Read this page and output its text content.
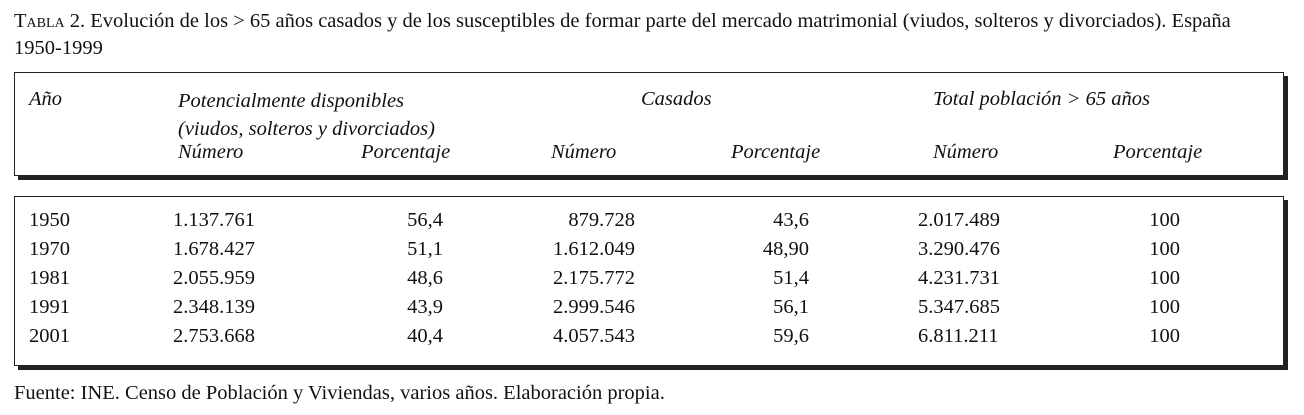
Tabla 2. Evolución de los > 65 años casados y de los susceptibles de formar parte del mercado matrimonial (viudos, solteros y divorciados). España 1950-1999
Año	Potencialmente disponibles
(viudos, solteros y divorciados)
Casados	Total población > 65 años
Número	Porcentaje	Número	Porcentaje	Número	Porcentaje
1950	1.137.761	56,4	879.728	43,6	2.017.489	100
1970	1.678.427	51,1	1.612.049	48,90	3.290.476	100
1981	2.055.959	48,6	2.175.772	51,4	4.231.731	100
1991	2.348.139	43,9	2.999.546	56,1	5.347.685	100
2001	2.753.668	40,4	4.057.543	59,6	6.811.211	100
Fuente: INE. Censo de Población y Viviendas, varios años. Elaboración propia.
